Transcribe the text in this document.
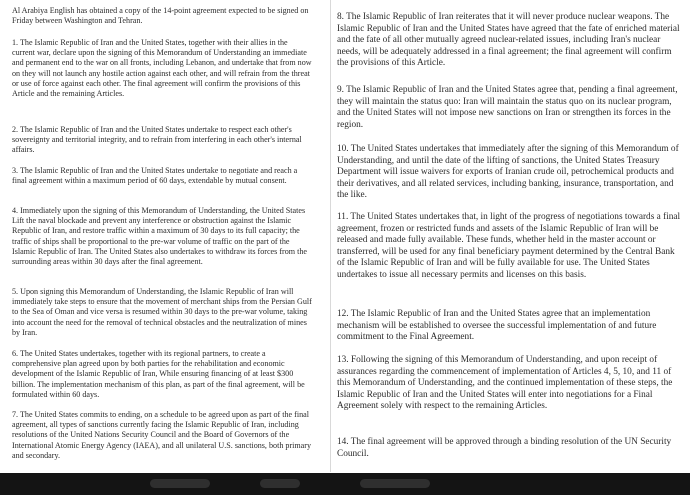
Al Arabiya English has obtained a copy of the 14-point agreement expected to be signed on Friday between Washington and Tehran.

1. The Islamic Republic of Iran and the United States, together with their allies in the current war, declare upon the signing of this Memorandum of Understanding an immediate and permanent end to the war on all fronts, including Lebanon, and undertake that from now on they will not launch any hostile action against each other, and will refrain from the threat or use of force against each other. The final agreement will confirm the provisions of this Article and the remaining Articles.

2. The Islamic Republic of Iran and the United States undertake to respect each other's sovereignty and territorial integrity, and to refrain from interfering in each other's internal affairs.

3. The Islamic Republic of Iran and the United States undertake to negotiate and reach a final agreement within a maximum period of 60 days, extendable by mutual consent.

4. Immediately upon the signing of this Memorandum of Understanding, the United States Lift the naval blockade and prevent any interference or obstruction against the Islamic Republic of Iran, and restore traffic within a maximum of 30 days to its full capacity; the traffic of ships shall be proportional to the pre-war volume of traffic on the part of the Islamic Republic of Iran. The United States also undertakes to withdraw its forces from the surrounding areas within 30 days after the final agreement.

5. Upon signing this Memorandum of Understanding, the Islamic Republic of Iran will immediately take steps to ensure that the movement of merchant ships from the Persian Gulf to the Sea of Oman and vice versa is resumed within 30 days to the pre-war volume, taking into account the need for the removal of technical obstacles and the neutralization of mines by Iran.

6. The United States undertakes, together with its regional partners, to create a comprehensive plan agreed upon by both parties for the rehabilitation and economic development of the Islamic Republic of Iran, While ensuring financing of at least $300 billion. The implementation mechanism of this plan, as part of the final agreement, will be formulated within 60 days.

7. The United States commits to ending, on a schedule to be agreed upon as part of the final agreement, all types of sanctions currently facing the Islamic Republic of Iran, including resolutions of the United Nations Security Council and the Board of Governors of the International Atomic Energy Agency (IAEA), and all unilateral U.S. sanctions, both primary and secondary.

8. The Islamic Republic of Iran reiterates that it will never produce nuclear weapons. The Islamic Republic of Iran and the United States have agreed that the fate of enriched material and the fate of all other mutually agreed nuclear-related issues, including Iran's nuclear needs, will be adequately addressed in a final agreement; the final agreement will confirm the provisions of this Article.

9. The Islamic Republic of Iran and the United States agree that, pending a final agreement, they will maintain the status quo: Iran will maintain the status quo on its nuclear program, and the United States will not impose new sanctions on Iran or strengthen its forces in the region.

10. The United States undertakes that immediately after the signing of this Memorandum of Understanding, and until the date of the lifting of sanctions, the United States Treasury Department will issue waivers for exports of Iranian crude oil, petrochemical products and their derivatives, and all related services, including banking, insurance, transportation, and the like.

11. The United States undertakes that, in light of the progress of negotiations towards a final agreement, frozen or restricted funds and assets of the Islamic Republic of Iran will be released and made fully available. These funds, whether held in the master account or transferred, will be used for any final beneficiary payment determined by the Central Bank of the Islamic Republic of Iran and will be fully available for use. The United States undertakes to issue all necessary permits and licenses on this basis.

12. The Islamic Republic of Iran and the United States agree that an implementation mechanism will be established to oversee the successful implementation of and future commitment to the Final Agreement.

13. Following the signing of this Memorandum of Understanding, and upon receipt of assurances regarding the commencement of implementation of Articles 4, 5, 10, and 11 of this Memorandum of Understanding, and the continued implementation of these steps, the Islamic Republic of Iran and the United States will enter into negotiations for a Final Agreement solely with respect to the remaining Articles.

14. The final agreement will be approved through a binding resolution of the UN Security Council.
